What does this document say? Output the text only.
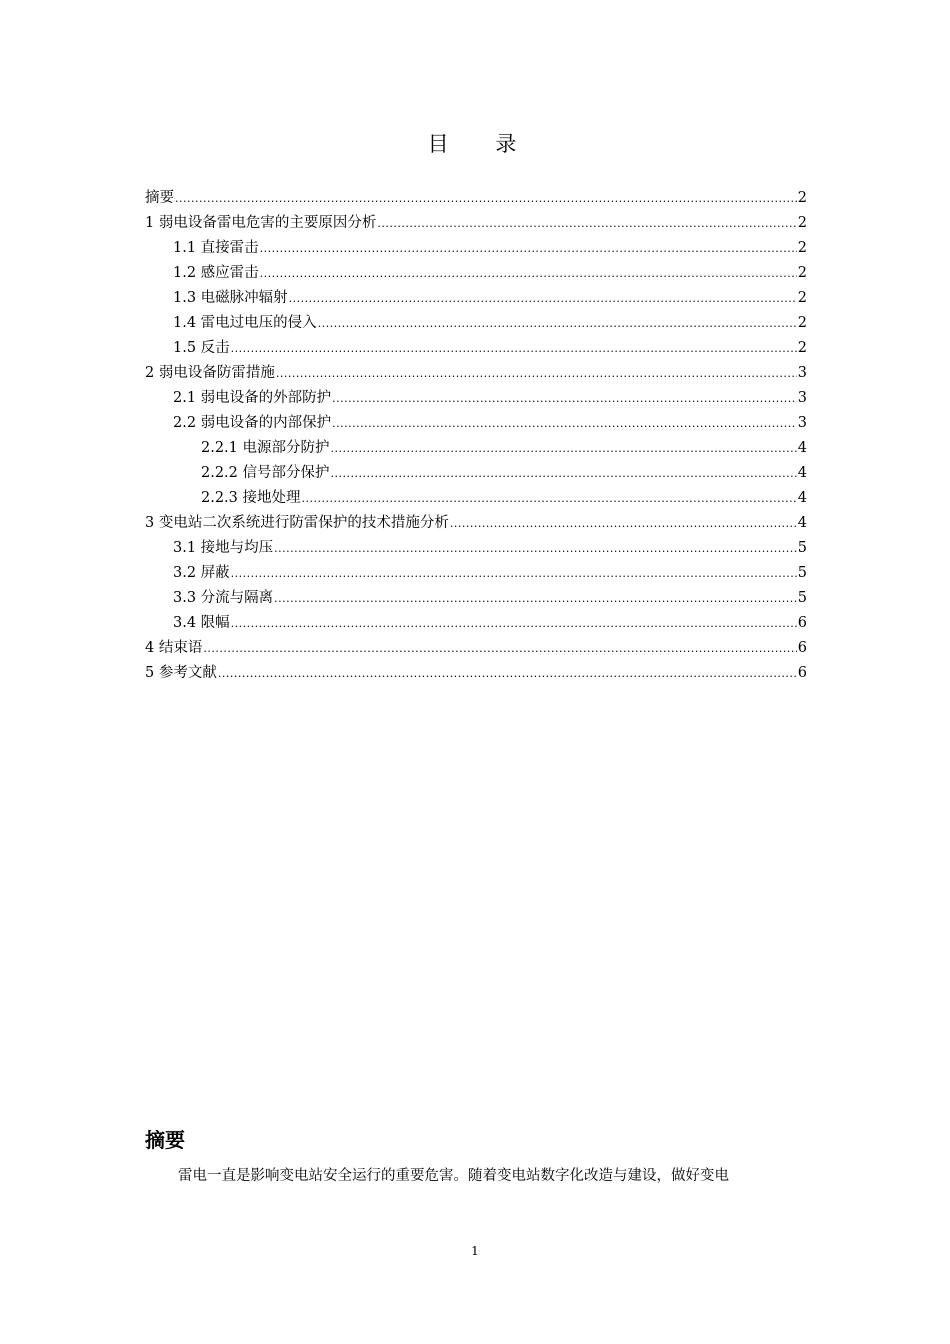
目 录
摘要 .....	2
1 弱电设备雷电危害的主要原因分析 .....	2
1.1 直接雷击 .....	2
1.2 感应雷击 .....	2
1.3 电磁脉冲辐射 .....	2
1.4 雷电过电压的侵入 .....	2
1.5 反击 .....	2
2 弱电设备防雷措施 .....	3
2.1 弱电设备的外部防护 .....	3
2.2 弱电设备的内部保护 .....	3
2.2.1 电源部分防护 .....	4
2.2.2 信号部分保护 .....	4
2.2.3 接地处理 .....	4
3 变电站二次系统进行防雷保护的技术措施分析 .....	4
3.1 接地与均压 .....	5
3.2 屏蔽 .....	5
3.3 分流与隔离 .....	5
3.4 限幅 .....	6
4 结束语 .....	6
5 参考文献 .....	6
摘要
雷电一直是影响变电站安全运行的重要危害。随着变电站数字化改造与建设，做好变电
1
